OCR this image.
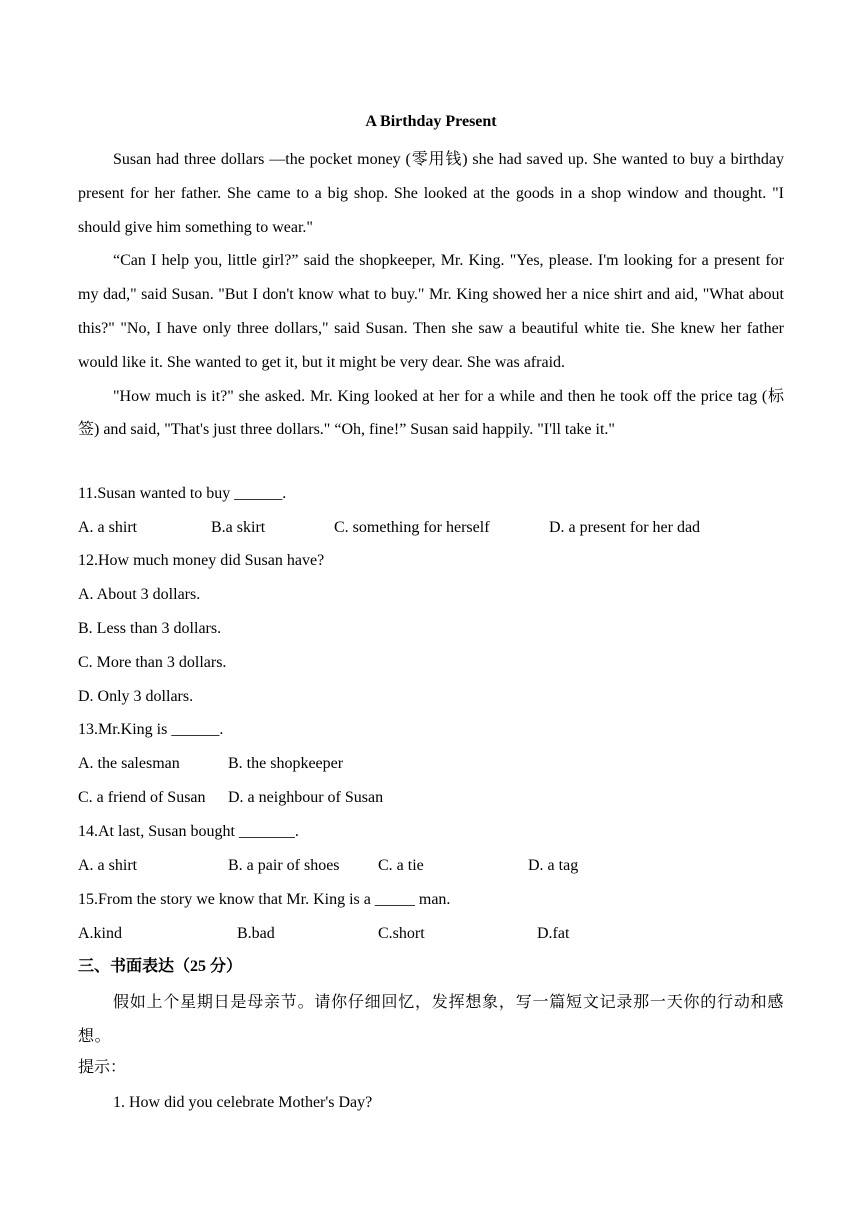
A Birthday Present

Susan had three dollars —the pocket money (零用钱) she had saved up. She wanted to buy a birthday present for her father. She came to a big shop. She looked at the goods in a shop window and thought. "I should give him something to wear."

“Can I help you, little girl?” said the shopkeeper, Mr. King. "Yes, please. I'm looking for a present for my dad," said Susan. "But I don't know what to buy." Mr. King showed her a nice shirt and aid, "What about this?" "No, I have only three dollars," said Susan. Then she saw a beautiful white tie. She knew her father would like it. She wanted to get it, but it might be very dear. She was afraid.

"How much is it?" she asked. Mr. King looked at her for a while and then he took off the price tag (标签) and said, "That's just three dollars." “Oh, fine!” Susan said happily. "I'll take it."

11.Susan wanted to buy ______.
A. a shirt	B.a skirt	C. something for herself	D. a present for her dad
12.How much money did Susan have?
A. About 3 dollars.
B. Less than 3 dollars.
C. More than 3 dollars.
D. Only 3 dollars.
13.Mr.King is ______.
A. the salesman	B. the shopkeeper
C. a friend of Susan D. a neighbour of Susan
14.At last, Susan bought _______.
A. a shirt	B. a pair of shoes C. a tie	D. a tag
15.From the story we know that Mr. King is a _____ man.
A.kind	B.bad	C.short	D.fat
三、书面表达（25 分）

假如上个星期日是母亲节。请你仔细回忆，发挥想象，写一篇短文记录那一天你的行动和感想。

提示：
1. How did you celebrate Mother's Day?
